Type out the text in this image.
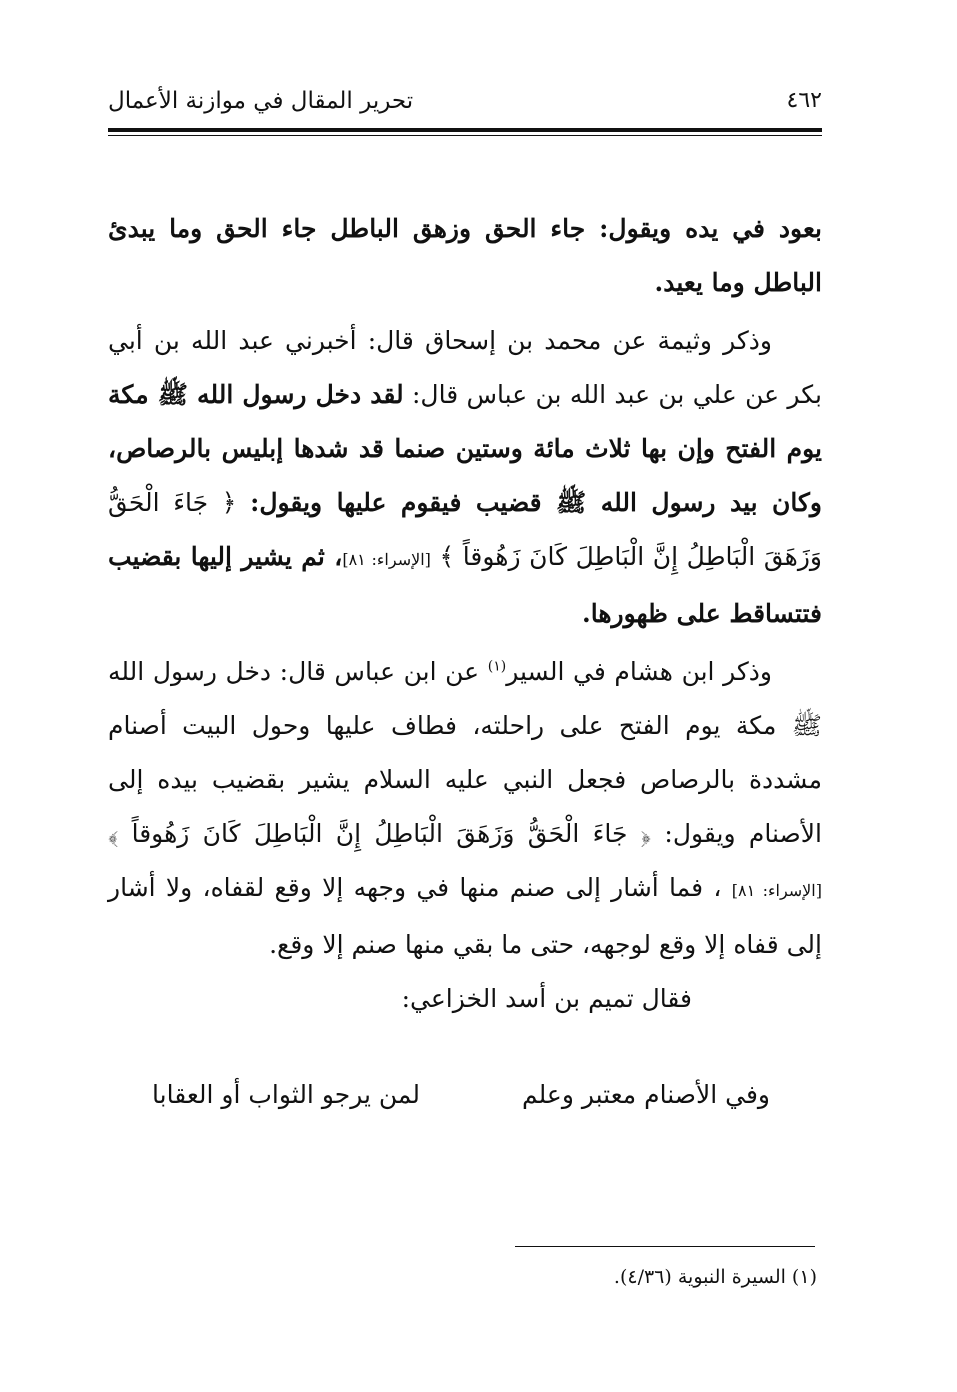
تحرير المقال في موازنة الأعمال	٤٦٢

بعود في يده ويقول: جاء الحق وزهق الباطل جاء الحق وما يبدئ الباطل وما يعيد.

وذكر وثيمة عن محمد بن إسحاق قال: أخبرني عبد الله بن أبي بكر عن علي بن عبد الله بن عباس قال: لقد دخل رسول الله ﷺ مكة يوم الفتح وإن بها ثلاث مائة وستين صنما قد شدها إبليس بالرصاص، وكان بيد رسول الله ﷺ قضيب فيقوم عليها ويقول: ﴿ جَاءَ الْحَقُّ وَزَهَقَ الْبَاطِلُ إِنَّ الْبَاطِلَ كَانَ زَهُوقاً ﴾ [الإسراء: ٨١]، ثم يشير إليها بقضيب فتتساقط على ظهورها.

وذكر ابن هشام في السير$^{(١)}$ عن ابن عباس قال: دخل رسول الله ﷺ مكة يوم الفتح على راحلته، فطاف عليها وحول البيت أصنام مشددة بالرصاص فجعل النبي عليه السلام يشير بقضيب بيده إلى الأصنام ويقول: ﴿ جَاءَ الْحَقُّ وَزَهَقَ الْبَاطِلُ إِنَّ الْبَاطِلَ كَانَ زَهُوقاً ﴾ [الإسراء: ٨١] ، فما أشار إلى صنم منها في وجهه إلا وقع لقفاه، ولا أشار إلى قفاه إلا وقع لوجهه، حتى ما بقي منها صنم إلا وقع.

فقال تميم بن أسد الخزاعي:

وفي الأصنام معتبر وعلم
لمن يرجو الثواب أو العقابا
(١) السيرة النبوية (٤/٣٦).
